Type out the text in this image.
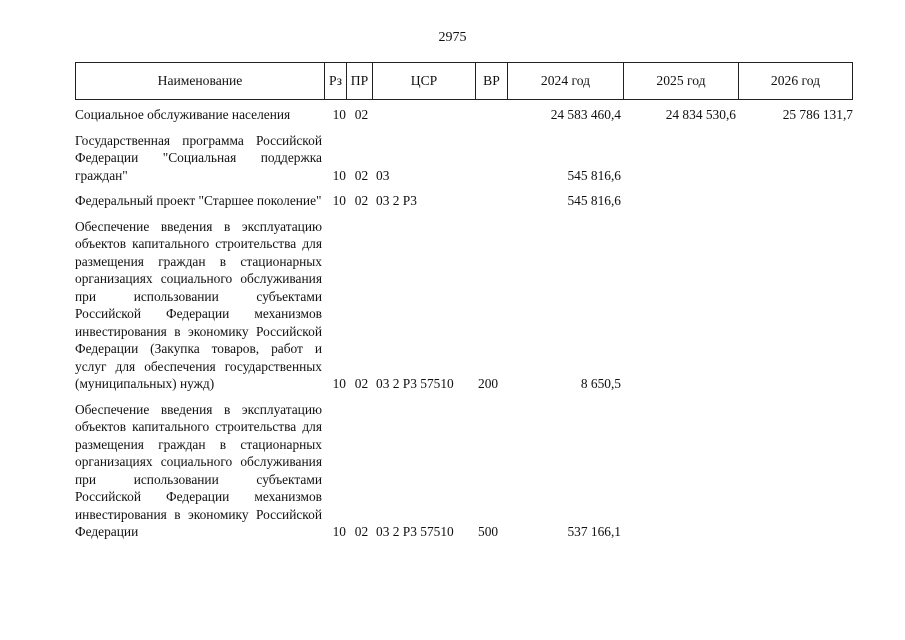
2975
Наименование	Рз ПР	ЦСР	ВР	2024 год	2025 год	2026 год
Социальное обслуживание населения	10 02	24 583 460,4	24 834 530,6	25 786 131,7
Государственная программа Российской Федерации "Социальная поддержка граждан"	10 02 03	545 816,6
Федеральный проект "Старшее поколение" 10 02 03 2 Р3	545 816,6
Обеспечение введения в эксплуатацию объектов капитального строительства для размещения граждан в стационарных организациях социального обслуживания при использовании субъектами Российской Федерации механизмов инвестирования в экономику Российской Федерации (Закупка товаров, работ и услуг для обеспечения государственных (муниципальных) нужд)	10 02 03 2 Р3 57510	200	8 650,5
Обеспечение введения в эксплуатацию объектов капитального строительства для размещения граждан в стационарных организациях социального обслуживания при использовании субъектами Российской Федерации механизмов инвестирования в экономику Российской Федерации	10 02 03 2 Р3 57510	500	537 166,1
